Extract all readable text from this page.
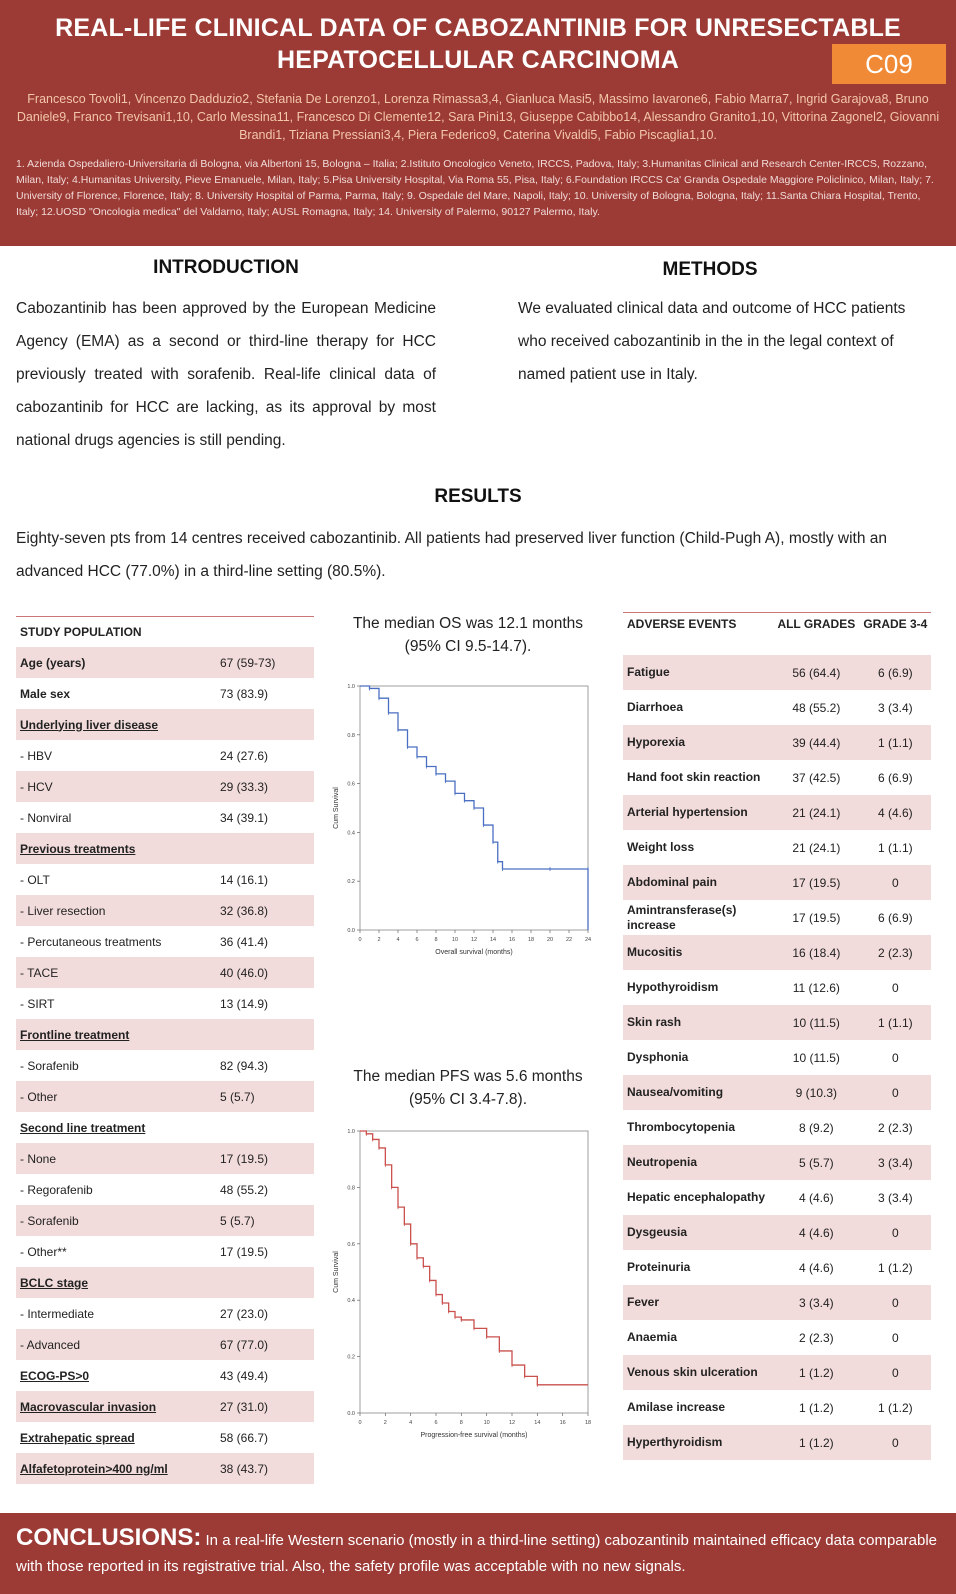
REAL-LIFE CLINICAL DATA OF CABOZANTINIB FOR UNRESECTABLE HEPATOCELLULAR CARCINOMA	C09
Francesco Tovoli1, Vincenzo Dadduzio2, Stefania De Lorenzo1, Lorenza Rimassa3,4, Gianluca Masi5, Massimo Iavarone6, Fabio Marra7, Ingrid Garajova8, Bruno Daniele9, Franco Trevisani1,10, Carlo Messina11, Francesco Di Clemente12, Sara Pini13, Giuseppe Cabibbo14, Alessandro Granito1,10, Vittorina Zagonel2, Giovanni Brandi1, Tiziana Pressiani3,4, Piera Federico9, Caterina Vivaldi5, Fabio Piscaglia1,10.
1. Azienda Ospedaliero-Universitaria di Bologna, via Albertoni 15, Bologna – Italia; 2.Istituto Oncologico Veneto, IRCCS, Padova, Italy; 3.Humanitas Clinical and Research Center-IRCCS, Rozzano, Milan, Italy; 4.Humanitas University, Pieve Emanuele, Milan, Italy; 5.Pisa University Hospital, Via Roma 55, Pisa, Italy; 6.Foundation IRCCS Ca' Granda Ospedale Maggiore Policlinico, Milan, Italy; 7. University of Florence, Florence, Italy; 8. University Hospital of Parma, Parma, Italy; 9. Ospedale del Mare, Napoli, Italy; 10. University of Bologna, Bologna, Italy; 11.Santa Chiara Hospital, Trento, Italy; 12.UOSD "Oncologia medica" del Valdarno, Italy; AUSL Romagna, Italy; 14. University of Palermo, 90127 Palermo, Italy.
INTRODUCTION
Cabozantinib has been approved by the European Medicine Agency (EMA) as a second or third-line therapy for HCC previously treated with sorafenib. Real-life clinical data of cabozantinib for HCC are lacking, as its approval by most national drugs agencies is still pending.
METHODS
We evaluated clinical data and outcome of HCC patients who received cabozantinib in the in the legal context of named patient use in Italy.
RESULTS
Eighty-seven pts from 14 centres received cabozantinib. All patients had preserved liver function (Child-Pugh A), mostly with an advanced HCC (77.0%) in a third-line setting (80.5%).
STUDY POPULATION	
Age (years)	67 (59-73)
Male sex	73 (83.9)
Underlying liver disease	
- HBV	24 (27.6)
- HCV	29 (33.3)
- Nonviral	34 (39.1)
Previous treatments	
- OLT	14 (16.1)
- Liver resection	32 (36.8)
- Percutaneous treatments	36 (41.4)
- TACE	40 (46.0)
- SIRT	13 (14.9)
Frontline treatment	
- Sorafenib	82 (94.3)
- Other	5 (5.7)
Second line treatment	
- None	17 (19.5)
- Regorafenib	48 (55.2)
- Sorafenib	5 (5.7)
- Other**	17 (19.5)
BCLC stage	
- Intermediate	27 (23.0)
- Advanced	67 (77.0)
ECOG-PS>0	43 (49.4)
Macrovascular invasion	27 (31.0)
Extrahepatic spread	58 (66.7)
Alfafetoprotein>400 ng/ml	38 (43.7)
The median OS was 12.1 months (95% CI 9.5-14.7).
0	2	4	6	8	10 12 14 16 18 20 22 24
0.0
0.2
0.4
0.6
0.8
1.0
Overall survival (months)
Cum Survival
The median PFS was 5.6 months (95% CI 3.4-7.8).
0	2	4	6	8	10	12	14	16	18
0.0
0.2
0.4
0.6
0.8
1.0
Progression-free survival (months)
Cum Survival
ADVERSE EVENTS	ALL GRADES	GRADE 3-4
Fatigue	56 (64.4)	6 (6.9)
Diarrhoea	48 (55.2)	3 (3.4)
Hyporexia	39 (44.4)	1 (1.1)
Hand foot skin reaction	37 (42.5)	6 (6.9)
Arterial hypertension	21 (24.1)	4 (4.6)
Weight loss	21 (24.1)	1 (1.1)
Abdominal pain	17 (19.5)	0
Amintransferase(s) increase	17 (19.5)	6 (6.9)
Mucositis	16 (18.4)	2 (2.3)
Hypothyroidism	11 (12.6)	0
Skin rash	10 (11.5)	1 (1.1)
Dysphonia	10 (11.5)	0
Nausea/vomiting	9 (10.3)	0
Thrombocytopenia	8 (9.2)	2 (2.3)
Neutropenia	5 (5.7)	3 (3.4)
Hepatic encephalopathy	4 (4.6)	3 (3.4)
Dysgeusia	4 (4.6)	0
Proteinuria	4 (4.6)	1 (1.2)
Fever	3 (3.4)	0
Anaemia	2 (2.3)	0
Venous skin ulceration	1 (1.2)	0
Amilase increase	1 (1.2)	1 (1.2)
Hyperthyroidism	1 (1.2)	0
CONCLUSIONS: In a real-life Western scenario (mostly in a third-line setting) cabozantinib maintained efficacy data comparable with those reported in its registrative trial. Also, the safety profile was acceptable with no new signals.
